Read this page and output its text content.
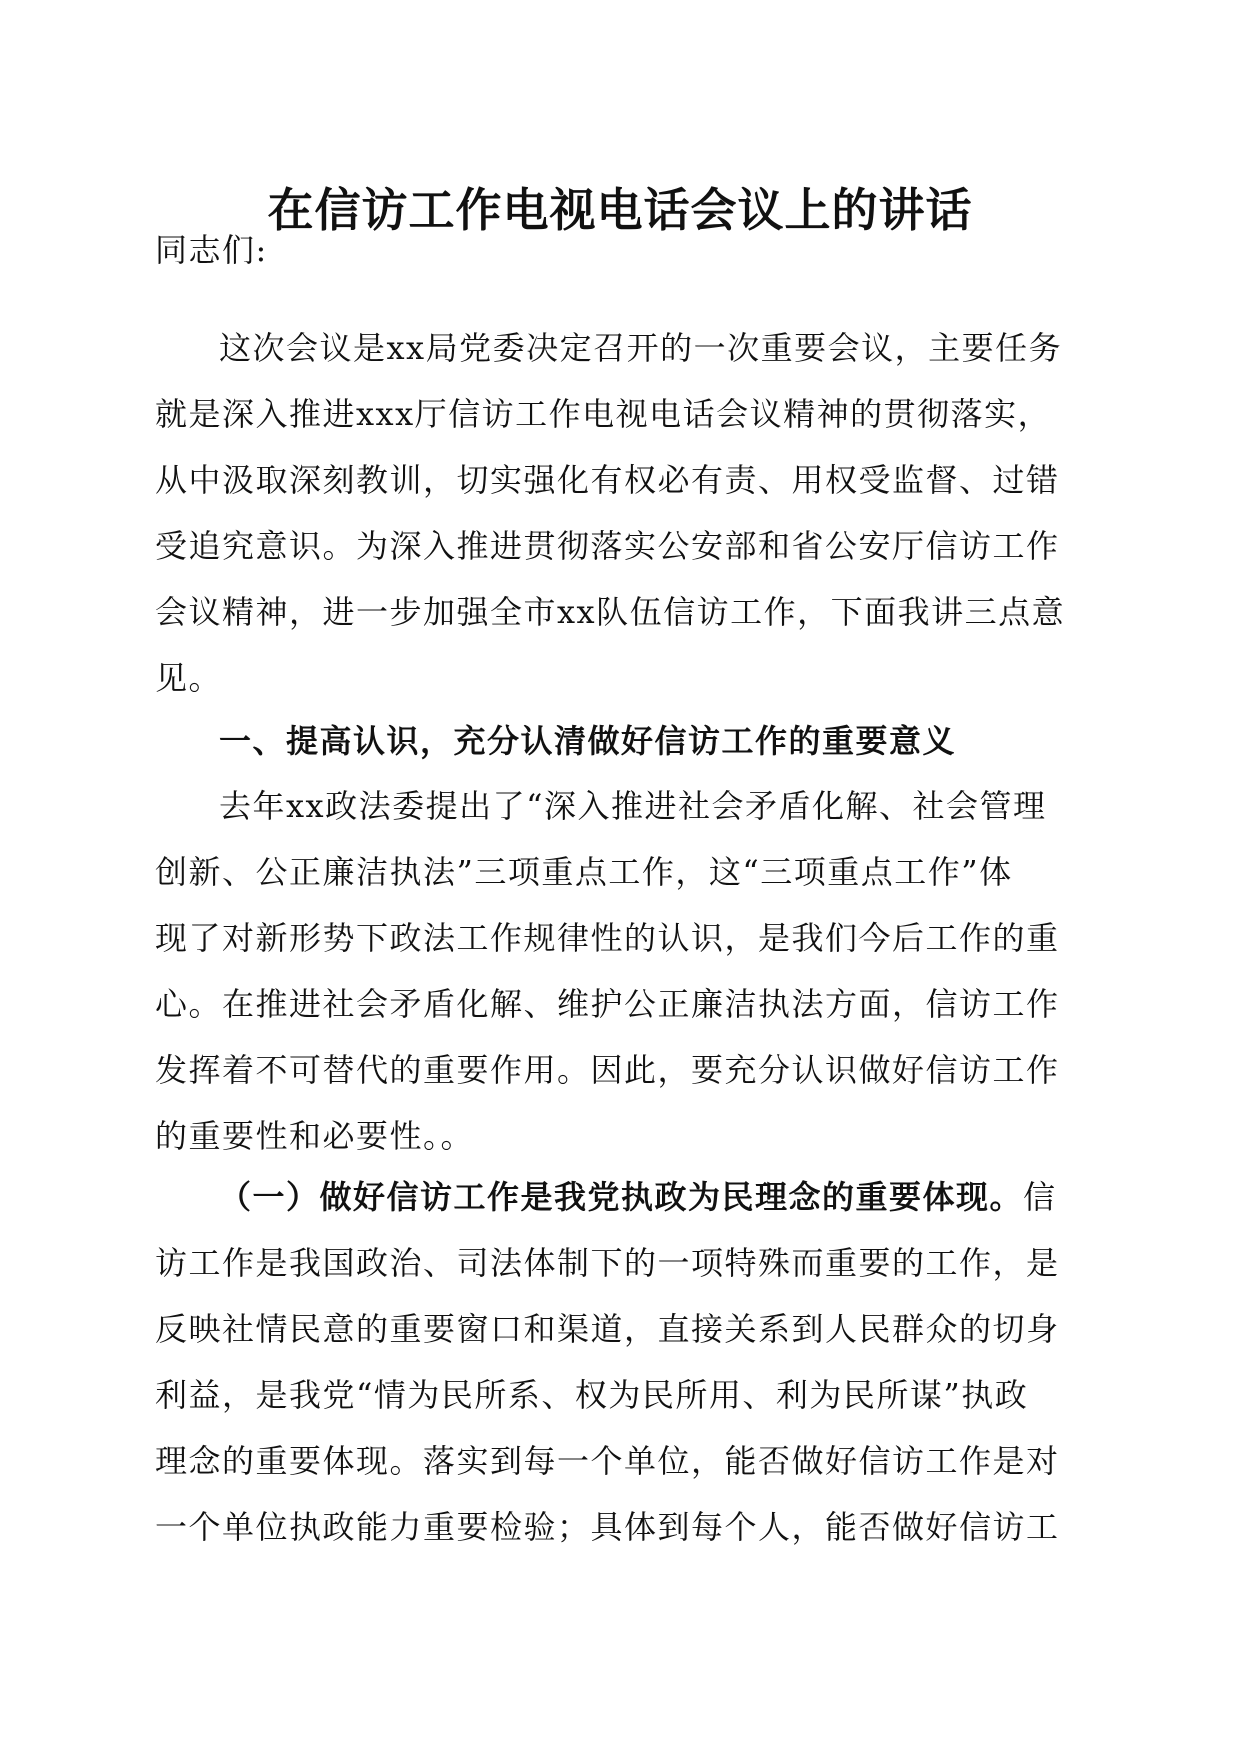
在信访工作电视电话会议上的讲话
同志们:
这次会议是xx局党委决定召开的一次重要会议，主要任务
就是深入推进xxx厅信访工作电视电话会议精神的贯彻落实，
从中汲取深刻教训，切实强化有权必有责、用权受监督、过错
受追究意识。为深入推进贯彻落实公安部和省公安厅信访工作
会议精神，进一步加强全市xx队伍信访工作，下面我讲三点意
见。
一、提高认识，充分认清做好信访工作的重要意义
去年xx政法委提出了“深入推进社会矛盾化解、社会管理
创新、公正廉洁执法”三项重点工作，这“三项重点工作”体
现了对新形势下政法工作规律性的认识，是我们今后工作的重
心。在推进社会矛盾化解、维护公正廉洁执法方面，信访工作
发挥着不可替代的重要作用。因此，要充分认识做好信访工作
的重要性和必要性。。
（一）做好信访工作是我党执政为民理念的重要体现。信
访工作是我国政治、司法体制下的一项特殊而重要的工作，是
反映社情民意的重要窗口和渠道，直接关系到人民群众的切身
利益，是我党“情为民所系、权为民所用、利为民所谋”执政
理念的重要体现。落实到每一个单位，能否做好信访工作是对
一个单位执政能力重要检验；具体到每个人，能否做好信访工
